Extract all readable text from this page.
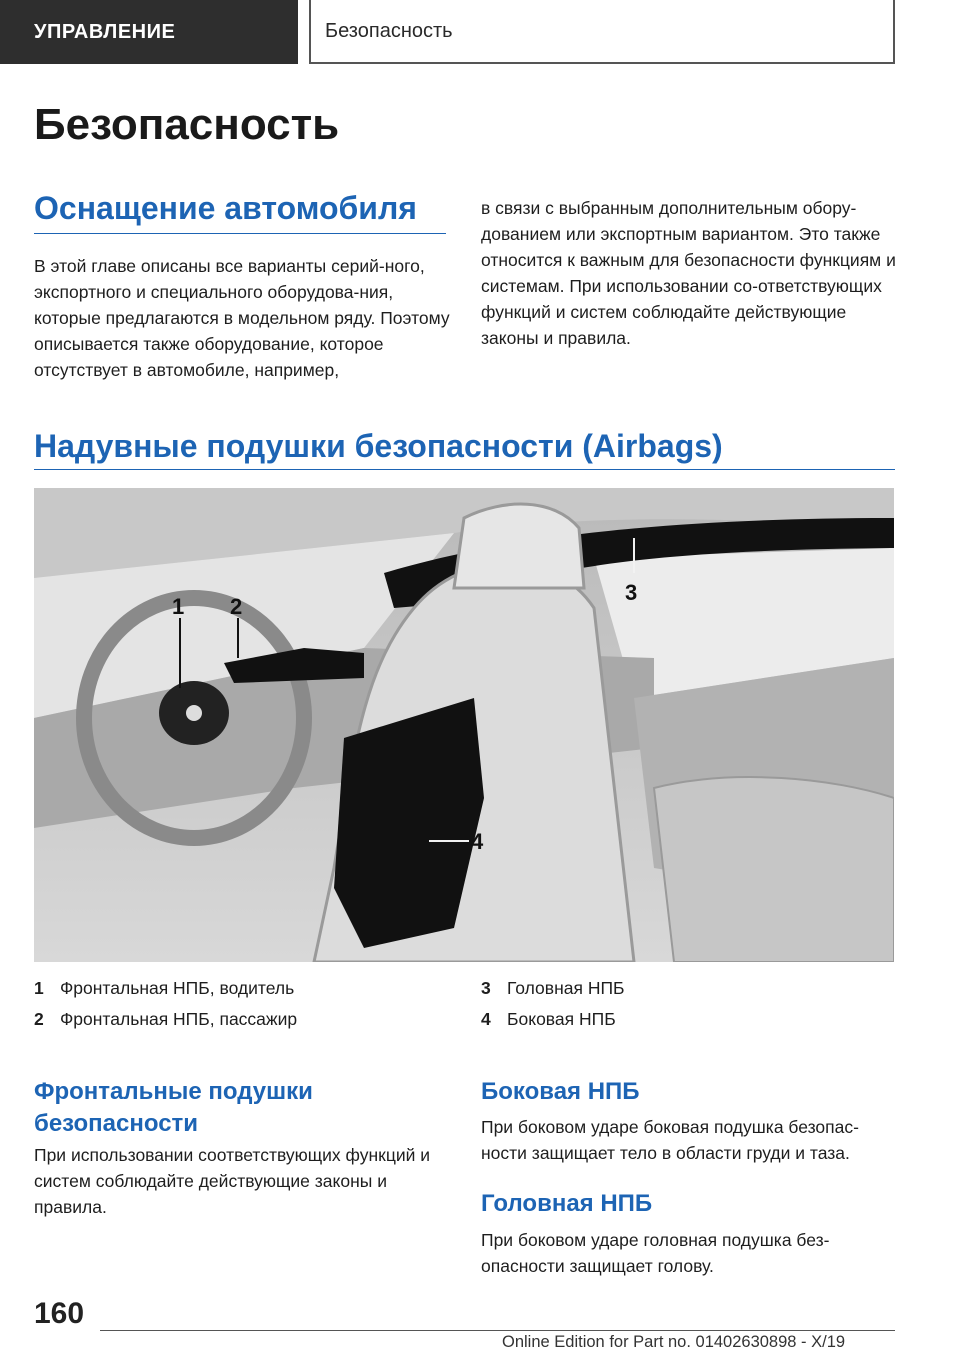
УПРАВЛЕНИЕ	Безопасность
Безопасность
Оснащение автомобиля
В этой главе описаны все варианты серий-ного, экспортного и специального оборудова-ния, которые предлагаются в модельном ряду. Поэтому описывается также оборудование, которое отсутствует в автомобиле, например,
в связи с выбранным дополнительным обору-дованием или экспортным вариантом. Это также относится к важным для безопасности функциям и системам. При использовании со-ответствующих функций и систем соблюдайте действующие законы и правила.
Надувные подушки безопасности (Airbags)
1 2
3
4
1 Фронтальная НПБ, водитель
2 Фронтальная НПБ, пассажир
3 Головная НПБ
4 Боковая НПБ
Фронтальные подушки безопасности
При использовании соответствующих функций и систем соблюдайте действующие законы и правила.
Боковая НПБ
При боковом ударе боковая подушка безопас-ности защищает тело в области груди и таза.
Головная НПБ
При боковом ударе головная подушка без-опасности защищает голову.
160
Online Edition for Part no. 01402630898 - X/19
